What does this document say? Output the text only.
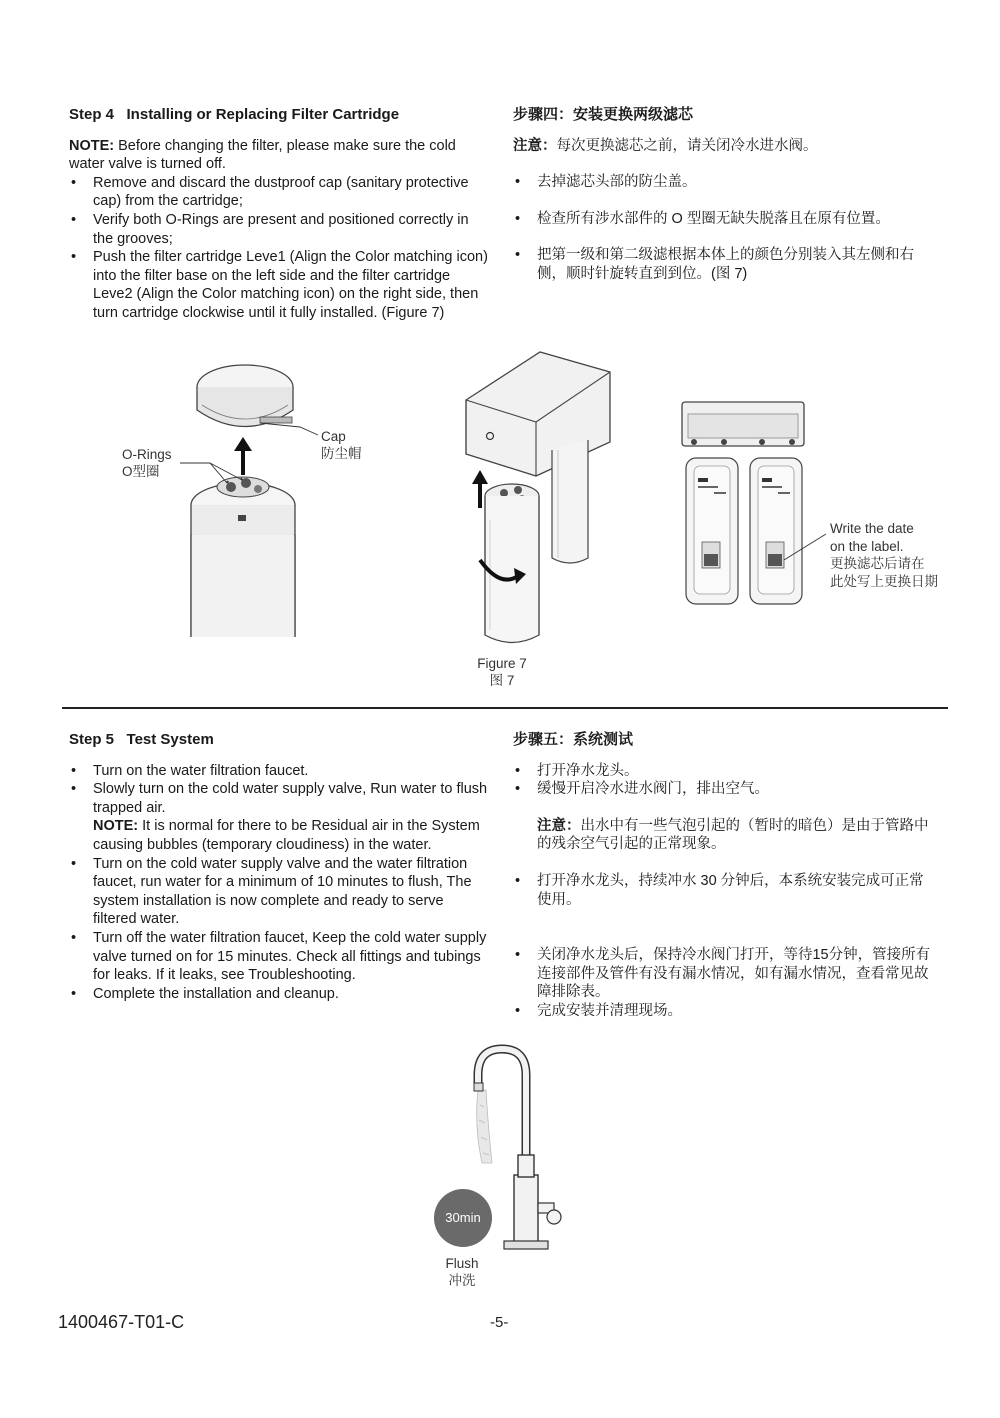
Step 4   Installing or Replacing Filter Cartridge
NOTE: Before changing the filter, please make sure the cold water valve is turned off.
• Remove and discard the dustproof cap (sanitary protective cap) from the cartridge;
• Verify both O-Rings are present and positioned correctly in the grooves;
• Push the filter cartridge Leve1 (Align the Color matching icon) into the filter base on the left side and the filter cartridge Leve2 (Align the Color matching icon) on the right side, then turn cartridge clockwise until it fully installed. (Figure 7)
步骤四：安装更换两级滤芯
注意：每次更换滤芯之前，请关闭冷水进水阀。
• 去掉滤芯头部的防尘盖。
• 检查所有涉水部件的 O 型圈无缺失脱落且在原有位置。
• 把第一级和第二级滤根据本体上的颜色分别装入其左侧和右侧，顺时针旋转直到到位。(图 7)
O-Rings
O型圈
Cap
防尘帽
Write the date
on the label.
更换滤芯后请在
此处写上更换日期
Figure 7
图 7
Step 5   Test System
• Turn on the water filtration faucet.
• Slowly turn on the cold water supply valve, Run water to flush trapped air.
NOTE: It is normal for there to be Residual air in the System causing bubbles (temporary cloudiness) in the water.
• Turn on the cold water supply valve and the water filtration faucet, run water for a minimum of 10 minutes to flush, The system installation is now complete and ready to serve filtered water.
• Turn off the water filtration faucet, Keep the cold water supply valve turned on for 15 minutes. Check all fittings and tubings for leaks. If it leaks, see Troubleshooting.
• Complete the installation and cleanup.
步骤五：系统测试
• 打开净水龙头。
• 缓慢开启冷水进水阀门，排出空气。
注意：出水中有一些气泡引起的（暂时的暗色）是由于管路中的残余空气引起的正常现象。
• 打开净水龙头，持续冲水 30 分钟后，本系统安装完成可正常使用。
• 关闭净水龙头后，保持冷水阀门打开，等待15分钟，管接所有连接部件及管件有没有漏水情况，如有漏水情况，查看常见故障排除表。
• 完成安装并清理现场。
30min
Flush
冲洗
1400467-T01-C	-5-
